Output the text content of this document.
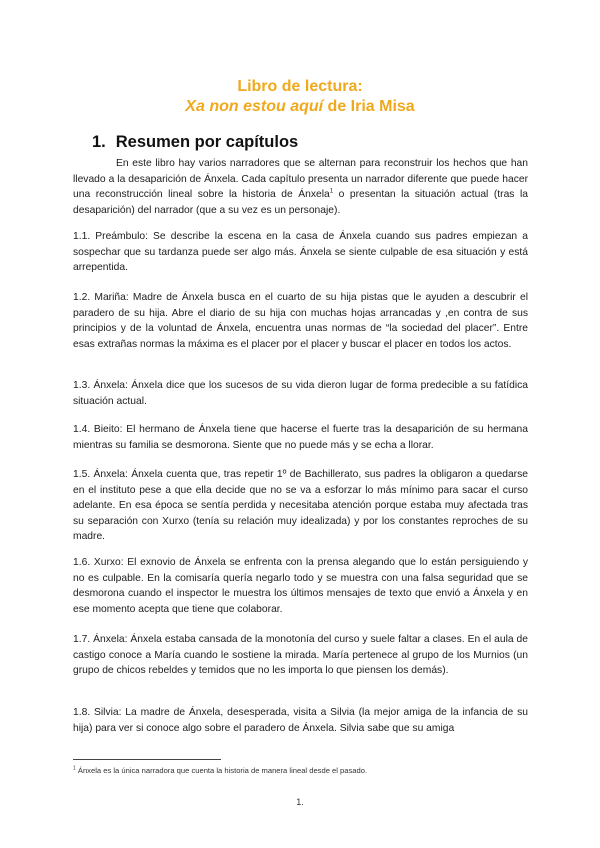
Libro de lectura:
Xa non estou aquí de Iria Misa
1. Resumen por capítulos
En este libro hay varios narradores que se alternan para reconstruir los hechos que han llevado a la desaparición de Ánxela. Cada capítulo presenta un narrador diferente que puede hacer una reconstrucción lineal sobre la historia de Ánxela$^1$ o presentan la situación actual (tras la desaparición) del narrador (que a su vez es un personaje).
1.1. Preámbulo: Se describe la escena en la casa de Ánxela cuando sus padres empiezan a sospechar que su tardanza puede ser algo más. Ánxela se siente culpable de esa situación y está arrepentida.
1.2. Mariña: Madre de Ánxela busca en el cuarto de su hija pistas que le ayuden a descubrir el paradero de su hija. Abre el diario de su hija con muchas hojas arrancadas y ,en contra de sus principios y de la voluntad de Ánxela, encuentra unas normas de “la sociedad del placer”. Entre esas extrañas normas la máxima es el placer por el placer y buscar el placer en todos los actos.
1.3. Ánxela: Ánxela dice que los sucesos de su vida dieron lugar de forma predecible a su fatídica situación actual.
1.4. Bieito: El hermano de Ánxela tiene que hacerse el fuerte tras la desaparición de su hermana mientras su familia se desmorona. Siente que no puede más y se echa a llorar.
1.5. Ánxela: Ánxela cuenta que, tras repetir 1º de Bachillerato, sus padres la obligaron a quedarse en el instituto pese a que ella decide que no se va a esforzar lo más mínimo para sacar el curso adelante. En esa época se sentía perdida y necesitaba atención porque estaba muy afectada tras su separación con Xurxo (tenía su relación muy idealizada) y por los constantes reproches de su madre.
1.6. Xurxo: El exnovio de Ánxela se enfrenta con la prensa alegando que lo están persiguiendo y no es culpable. En la comisaría quería negarlo todo y se muestra con una falsa seguridad que se desmorona cuando el inspector le muestra los últimos mensajes de texto que envió a Ánxela y en ese momento acepta que tiene que colaborar.
1.7. Ánxela: Ánxela estaba cansada de la monotonía del curso y suele faltar a clases. En el aula de castigo conoce a María cuando le sostiene la mirada. María pertenece al grupo de los Murnios (un grupo de chicos rebeldes y temidos que no les importa lo que piensen los demás).
1.8. Silvia: La madre de Ánxela, desesperada, visita a Silvia (la mejor amiga de la infancia de su hija) para ver si conoce algo sobre el paradero de Ánxela. Silvia sabe que su amiga
$^1$ Ánxela es la única narradora que cuenta la historia de manera lineal desde el pasado.
1.
